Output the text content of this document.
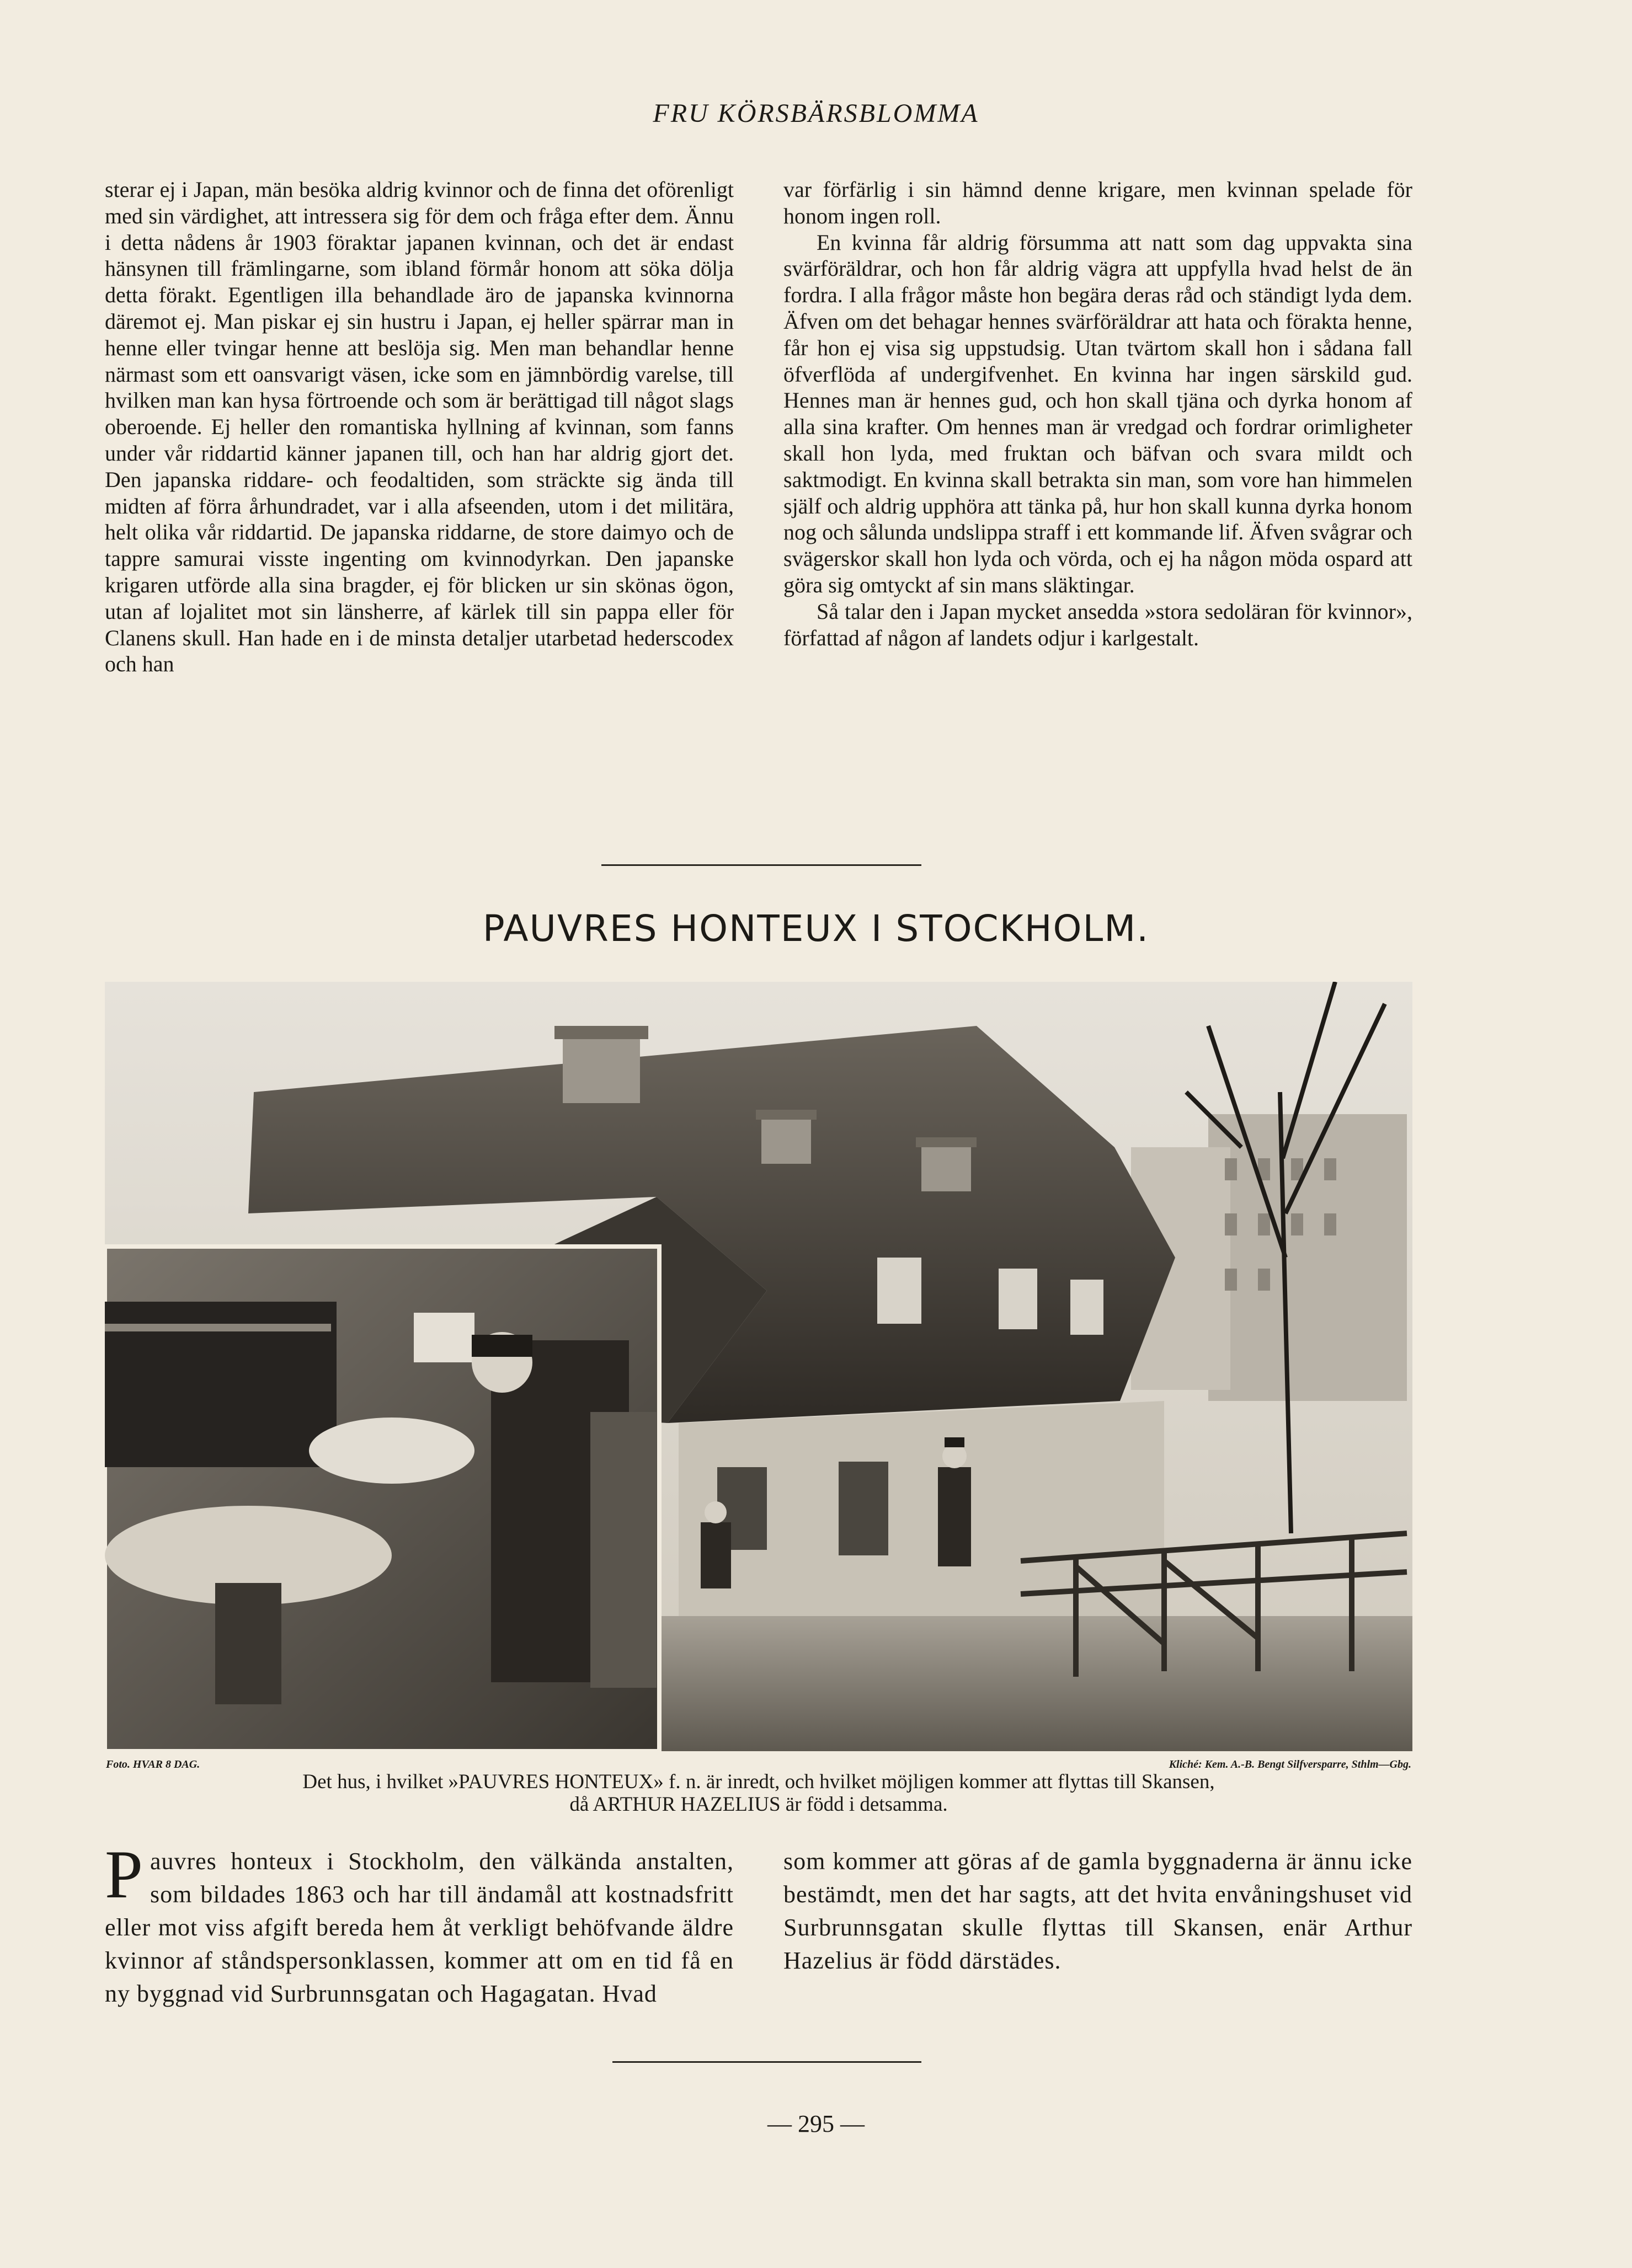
FRU KÖRSBÄRSBLOMMA

sterar ej i Japan, män besöka aldrig kvinnor och de finna det oförenligt med sin värdighet, att intressera sig för dem och fråga efter dem. Ännu i detta nådens år 1903 föraktar japanen kvinnan, och det är endast hänsynen till främlingarne, som ibland förmår honom att söka dölja detta förakt. Egentligen illa behandlade äro de japanska kvinnorna däremot ej. Man piskar ej sin hustru i Japan, ej heller spärrar man in henne eller tvingar henne att beslöja sig. Men man behandlar henne närmast som ett oansvarigt väsen, icke som en jämnbördig varelse, till hvilken man kan hysa förtroende och som är berättigad till något slags oberoende. Ej heller den romantiska hyllning af kvinnan, som fanns under vår riddartid känner japanen till, och han har aldrig gjort det. Den japanska riddare- och feodaltiden, som sträckte sig ända till midten af förra århundradet, var i alla afseenden, utom i det militära, helt olika vår riddartid. De japanska riddarne, de store daimyo och de tappre samurai visste ingenting om kvinnodyrkan. Den japanske krigaren utförde alla sina bragder, ej för blicken ur sin skönas ögon, utan af lojalitet mot sin länsherre, af kärlek till sin pappa eller för Clanens skull. Han hade en i de minsta detaljer utarbetad hederscodex och han

var förfärlig i sin hämnd denne krigare, men kvinnan spelade för honom ingen roll.

En kvinna får aldrig försumma att natt som dag uppvakta sina svärföräldrar, och hon får aldrig vägra att uppfylla hvad helst de än fordra. I alla frågor måste hon begära deras råd och ständigt lyda dem. Äfven om det behagar hennes svärföräldrar att hata och förakta henne, får hon ej visa sig uppstudsig. Utan tvärtom skall hon i sådana fall öfverflöda af undergifvenhet. En kvinna har ingen särskild gud. Hennes man är hennes gud, och hon skall tjäna och dyrka honom af alla sina krafter. Om hennes man är vredgad och fordrar orimligheter skall hon lyda, med fruktan och bäfvan och svara mildt och saktmodigt. En kvinna skall betrakta sin man, som vore han himmelen själf och aldrig upphöra att tänka på, hur hon skall kunna dyrka honom nog och sålunda undslippa straff i ett kommande lif. Äfven svågrar och svägerskor skall hon lyda och vörda, och ej ha någon möda ospard att göra sig omtyckt af sin mans släktingar.

Så talar den i Japan mycket ansedda »stora sedoläran för kvinnor», författad af någon af landets odjur i karlgestalt.

PAUVRES HONTEUX I STOCKHOLM.
Foto. HVAR 8 DAG.	Kliché: Kem. A.-B. Bengt Silfversparre, Sthlm—Gbg.
Det hus, i hvilket »PAUVRES HONTEUX» f. n. är inredt, och hvilket möjligen kommer att flyttas till Skansen,
då ARTHUR HAZELIUS är född i detsamma.
Pauvres honteux i Stockholm, den välkända anstalten, som bildades 1863 och har till ändamål att kostnadsfritt eller mot viss afgift bereda hem åt verkligt behöfvande äldre kvinnor af ståndspersonklassen, kommer att om en tid få en ny byggnad vid Surbrunnsgatan och Hagagatan. Hvad
som kommer att göras af de gamla byggnaderna är ännu icke bestämdt, men det har sagts, att det hvita envåningshuset vid Surbrunnsgatan skulle flyttas till Skansen, enär Arthur Hazelius är född därstädes.
— 295 —
